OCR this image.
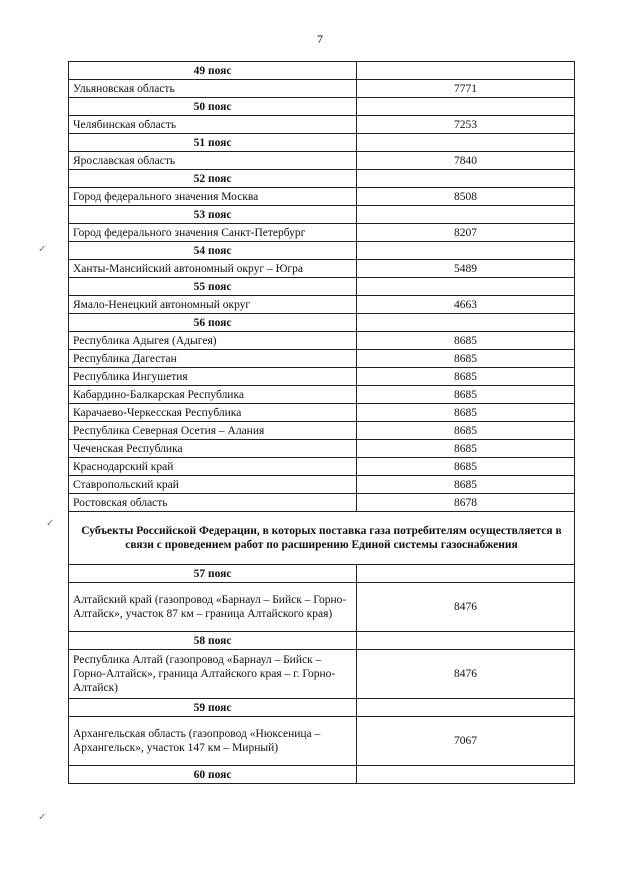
7
49 пояс	
Ульяновская область	7771
50 пояс	
Челябинская область	7253
51 пояс	
Ярославская область	7840
52 пояс	
Город федерального значения Москва	8508
53 пояс	
Город федерального значения Санкт-Петербург	8207
54 пояс	
Ханты-Мансийский автономный округ – Югра	5489
55 пояс	
Ямало-Ненецкий автономный округ	4663
56 пояс	
Республика Адыгея (Адыгея)	8685
Республика Дагестан	8685
Республика Ингушетия	8685
Кабардино-Балкарская Республика	8685
Карачаево-Черкесская Республика	8685
Республика Северная Осетия – Алания	8685
Чеченская Республика	8685
Краснодарский край	8685
Ставропольский край	8685
Ростовская область	8678
Субъекты Российской Федерации, в которых поставка газа потребителям осуществляется в связи с проведением работ по расширению Единой системы газоснабжения	
57 пояс	
Алтайский край (газопровод «Барнаул – Бийск – Горно-Алтайск», участок 87 км – граница Алтайского края)	8476
58 пояс	
Республика Алтай (газопровод «Барнаул – Бийск – Горно-Алтайск», граница Алтайского края – г. Горно-Алтайск)	8476
59 пояс	
Архангельская область (газопровод «Нюксеница – Архангельск», участок 147 км – Мирный)	7067
60 пояс	
✓
✓
✓
